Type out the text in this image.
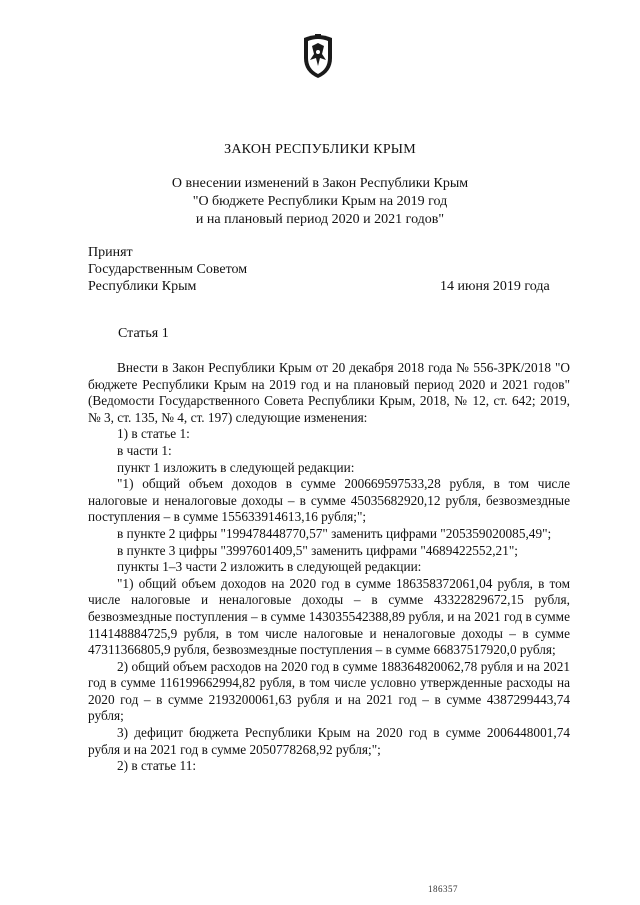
ЗАКОН РЕСПУБЛИКИ КРЫМ
О внесении изменений в Закон Республики Крым
"О бюджете Республики Крым на 2019 год
и на плановый период 2020 и 2021 годов"
Принят
Государственным Советом
Республики Крым	14 июня 2019 года
Статья 1

Внести в Закон Республики Крым от 20 декабря 2018 года № 556-ЗРК/2018 "О бюджете Республики Крым на 2019 год и на плановый период 2020 и 2021 годов" (Ведомости Государственного Совета Республики Крым, 2018, № 12, ст. 642; 2019, № 3, ст. 135, № 4, ст. 197) следующие изменения:

1) в статье 1:

в части 1:

пункт 1 изложить в следующей редакции:

"1) общий объем доходов в сумме 200669597533,28 рубля, в том числе налоговые и неналоговые доходы – в сумме 45035682920,12 рубля, безвозмездные поступления – в сумме 155633914613,16 рубля;";

в пункте 2 цифры "199478448770,57" заменить цифрами "205359020085,49";

в пункте 3 цифры "3997601409,5" заменить цифрами "4689422552,21";

пункты 1–3 части 2 изложить в следующей редакции:

"1) общий объем доходов на 2020 год в сумме 186358372061,04 рубля, в том числе налоговые и неналоговые доходы – в сумме 43322829672,15 рубля, безвозмездные поступления – в сумме 143035542388,89 рубля, и на 2021 год в сумме 114148884725,9 рубля, в том числе налоговые и неналоговые доходы – в сумме 47311366805,9 рубля, безвозмездные поступления – в сумме 66837517920,0 рубля;

2) общий объем расходов на 2020 год в сумме 188364820062,78 рубля и на 2021 год в сумме 116199662994,82 рубля, в том числе условно утвержденные расходы на 2020 год – в сумме 2193200061,63 рубля и на 2021 год – в сумме 4387299443,74 рубля;

3) дефицит бюджета Республики Крым на 2020 год в сумме 2006448001,74 рубля и на 2021 год в сумме 2050778268,92 рубля;";

2) в статье 11:

186357
